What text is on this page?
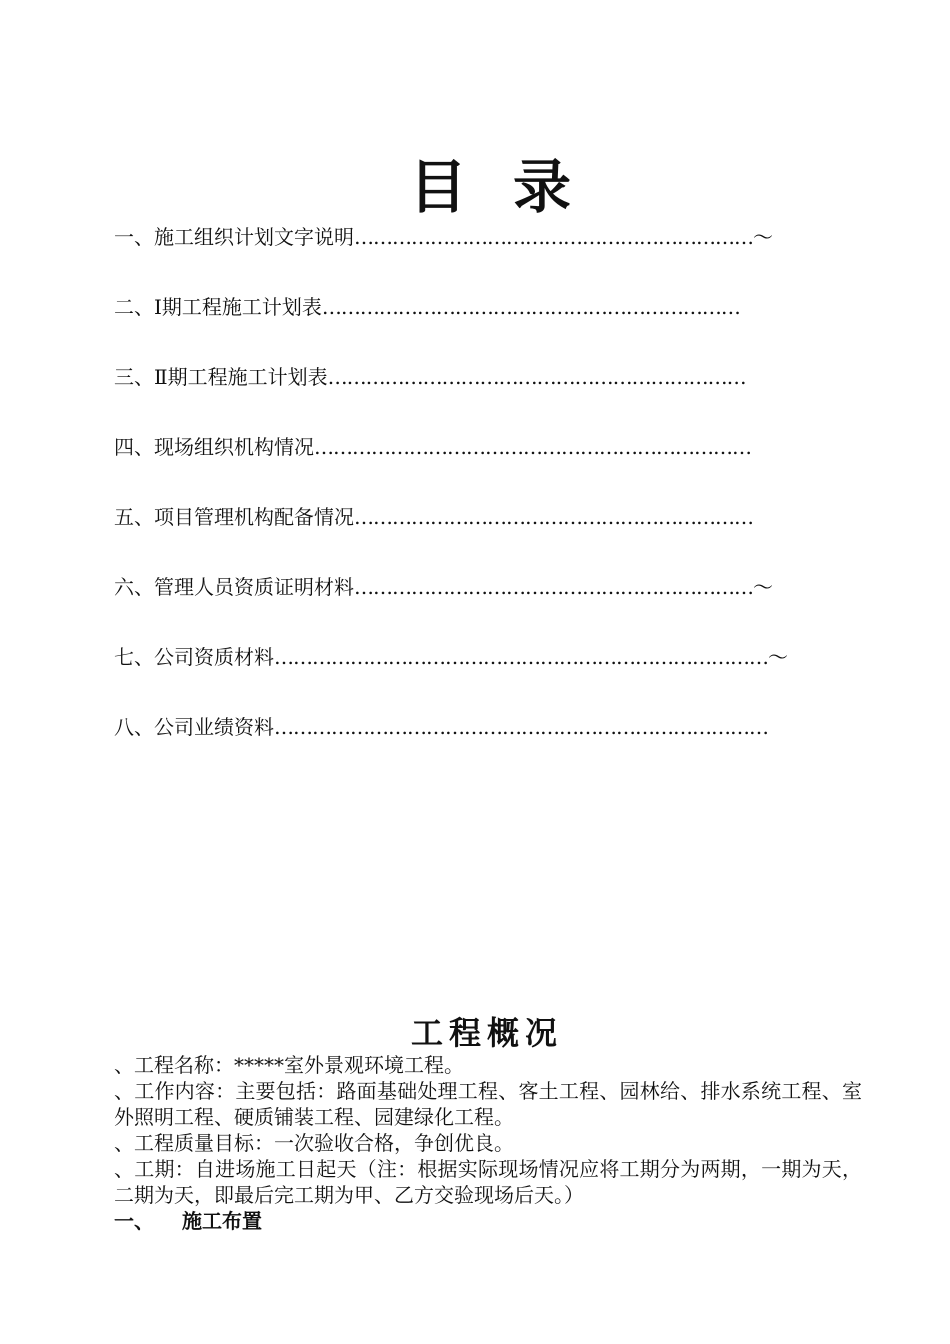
目 录
一、施工组织计划文字说明………………………………………………………～
二、Ⅰ期工程施工计划表…………………………………………………………
三、Ⅱ期工程施工计划表…………………………………………………………
四、现场组织机构情况……………………………………………………………
五、项目管理机构配备情况………………………………………………………
六、管理人员资质证明材料………………………………………………………～
七、公司资质材料……………………………………………………………………～
八、公司业绩资料……………………………………………………………………
工程概况

、工程名称：*****室外景观环境工程。

、工作内容：主要包括：路面基础处理工程、客土工程、园林给、排水系统工程、室外照明工程、硬质铺装工程、园建绿化工程。

、工程质量目标：一次验收合格，争创优良。

、工期：自进场施工日起天（注：根据实际现场情况应将工期分为两期，一期为天，二期为天，即最后完工期为甲、乙方交验现场后天。）

一、 施工布置
